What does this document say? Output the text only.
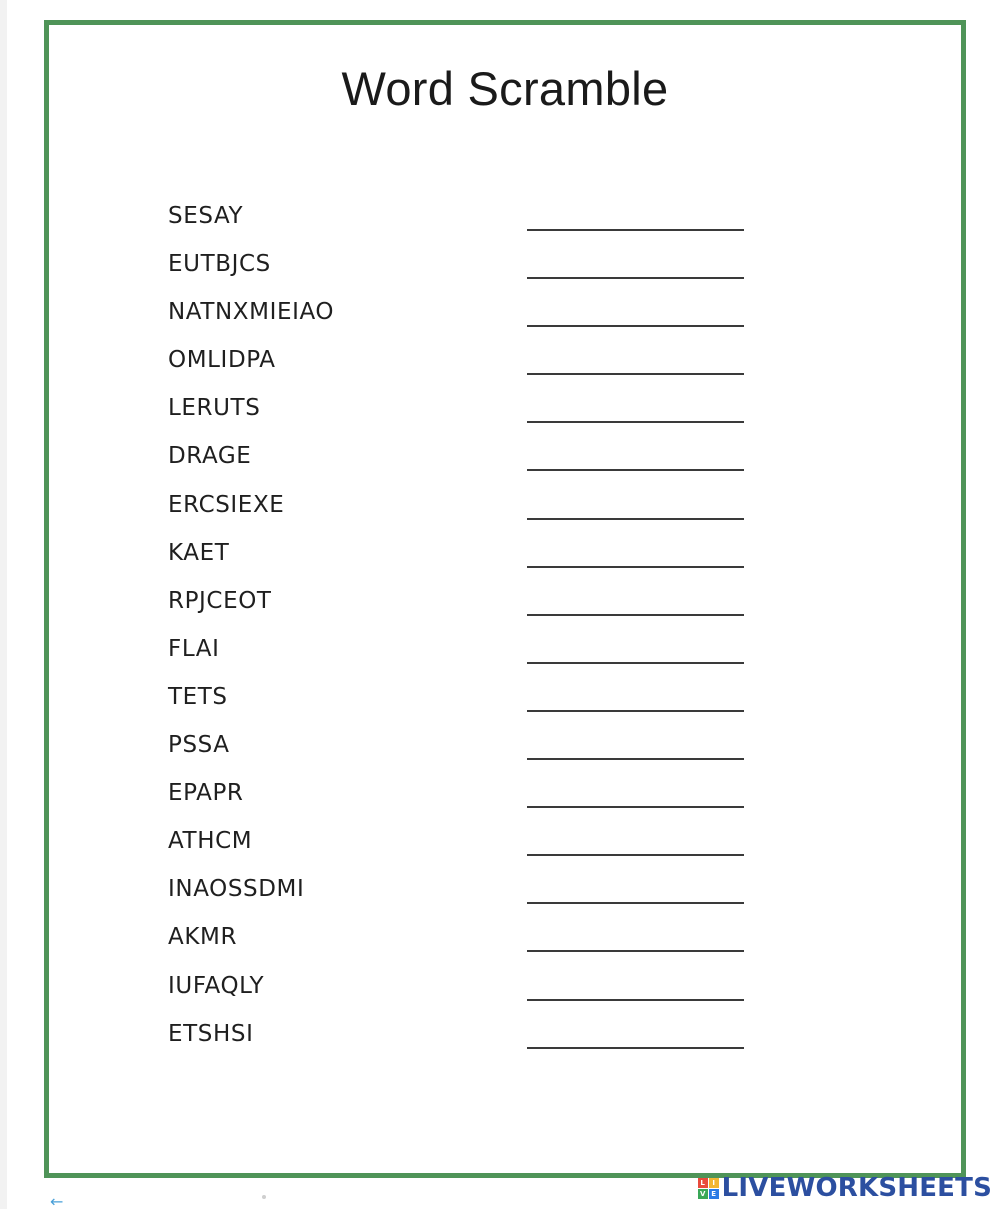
Word Scramble
SESAY
EUTBJCS
NATNXMIEIAO
OMLIDPA
LERUTS
DRAGE
ERCSIEXE
KAET
RPJCEOT
FLAI
TETS
PSSA
EPAPR
ATHCM
INAOSSDMI
AKMR
IUFAQLY
ETSHSI
←
L	I
V E LIVEWORKSHEETS
